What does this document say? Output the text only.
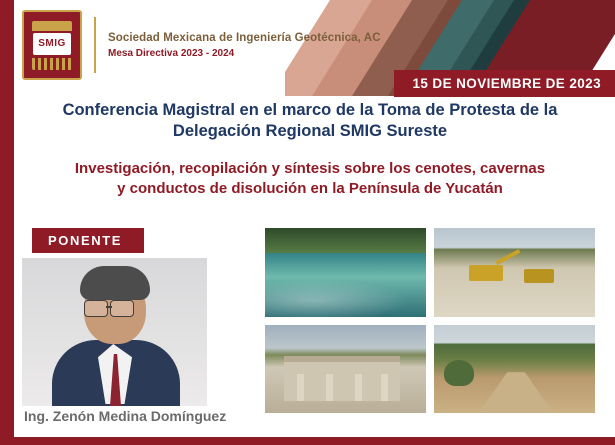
SMIG	Sociedad Mexicana de Ingeniería Geotécnica, AC
Mesa Directiva 2023 - 2024
15 DE NOVIEMBRE DE 2023
Conferencia Magistral en el marco de la Toma de Protesta de la
Delegación Regional SMIG Sureste
Investigación, recopilación y síntesis sobre los cenotes, cavernas
y conductos de disolución en la Península de Yucatán
PONENTE
Ing. Zenón Medina Domínguez
